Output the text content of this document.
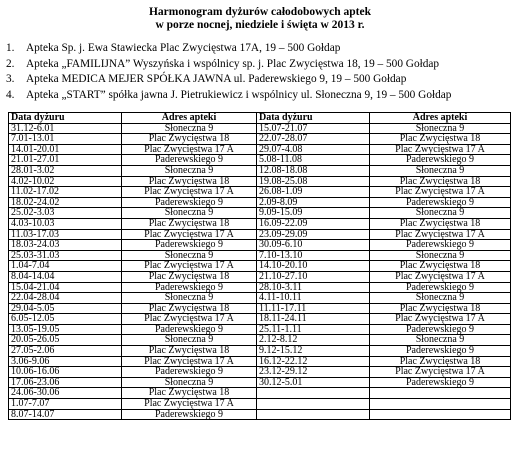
Harmonogram dyżurów całodobowych aptek
w porze nocnej, niedziele i święta w 2013 r.
1. Apteka Sp. j. Ewa Stawiecka Plac Zwycięstwa 17A, 19 – 500 Gołdap
2. Apteka „FAMILIJNA” Wyszyńska i wspólnicy sp. j. Plac Zwycięstwa 18, 19 – 500 Gołdap
3. Apteka MEDICA MEJER SPÓŁKA JAWNA ul. Paderewskiego 9, 19 – 500 Gołdap
4. Apteka „START” spółka jawna J. Pietrukiewicz i wspólnicy ul. Słoneczna 9, 19 – 500 Gołdap
Data dyżuru	Adres apteki	Data dyżuru	Adres apteki
31.12-6.01	Słoneczna 9	15.07-21.07	Słoneczna 9
7.01-13.01	Plac Zwycięstwa 18	22.07-28.07	Plac Zwycięstwa 18
14.01-20.01	Plac Zwycięstwa 17 A	29.07-4.08	Plac Zwycięstwa 17 A
21.01-27.01	Paderewskiego 9	5.08-11.08	Paderewskiego 9
28.01-3.02	Słoneczna 9	12.08-18.08	Słoneczna 9
4.02-10.02	Plac Zwycięstwa 18	19.08-25.08	Plac Zwycięstwa 18
11.02-17.02	Plac Zwycięstwa 17 A	26.08-1.09	Plac Zwycięstwa 17 A
18.02-24.02	Paderewskiego 9	2.09-8.09	Paderewskiego 9
25.02-3.03	Słoneczna 9	9.09-15.09	Słoneczna 9
4.03-10.03	Plac Zwycięstwa 18	16.09-22.09	Plac Zwycięstwa 18
11.03-17.03	Plac Zwycięstwa 17 A	23.09-29.09	Plac Zwycięstwa 17 A
18.03-24.03	Paderewskiego 9	30.09-6.10	Paderewskiego 9
25.03-31.03	Słoneczna 9	7.10-13.10	Słoneczna 9
1.04-7.04	Plac Zwycięstwa 17 A	14.10-20.10	Plac Zwycięstwa 18
8.04-14.04	Plac Zwycięstwa 18	21.10-27.10	Plac Zwycięstwa 17 A
15.04-21.04	Paderewskiego 9	28.10-3.11	Paderewskiego 9
22.04-28.04	Słoneczna 9	4.11-10.11	Słoneczna 9
29.04-5.05	Plac Zwycięstwa 18	11.11-17.11	Plac Zwycięstwa 18
6.05-12.05	Plac Zwycięstwa 17 A	18.11-24.11	Plac Zwycięstwa 17 A
13.05-19.05	Paderewskiego 9	25.11-1.11	Paderewskiego 9
20.05-26.05	Słoneczna 9	2.12-8.12	Słoneczna 9
27.05-2.06	Plac Zwycięstwa 18	9.12-15.12	Paderewskiego 9
3.06-9.06	Plac Zwycięstwa 17 A	16.12-22.12	Plac Zwycięstwa 18
10.06-16.06	Paderewskiego 9	23.12-29.12	Plac Zwycięstwa 17 A
17.06-23.06	Słoneczna 9	30.12-5.01	Paderewskiego 9
24.06-30.06	Plac Zwycięstwa 18		
1.07-7.07	Plac Zwycięstwa 17 A		
8.07-14.07	Paderewskiego 9		
